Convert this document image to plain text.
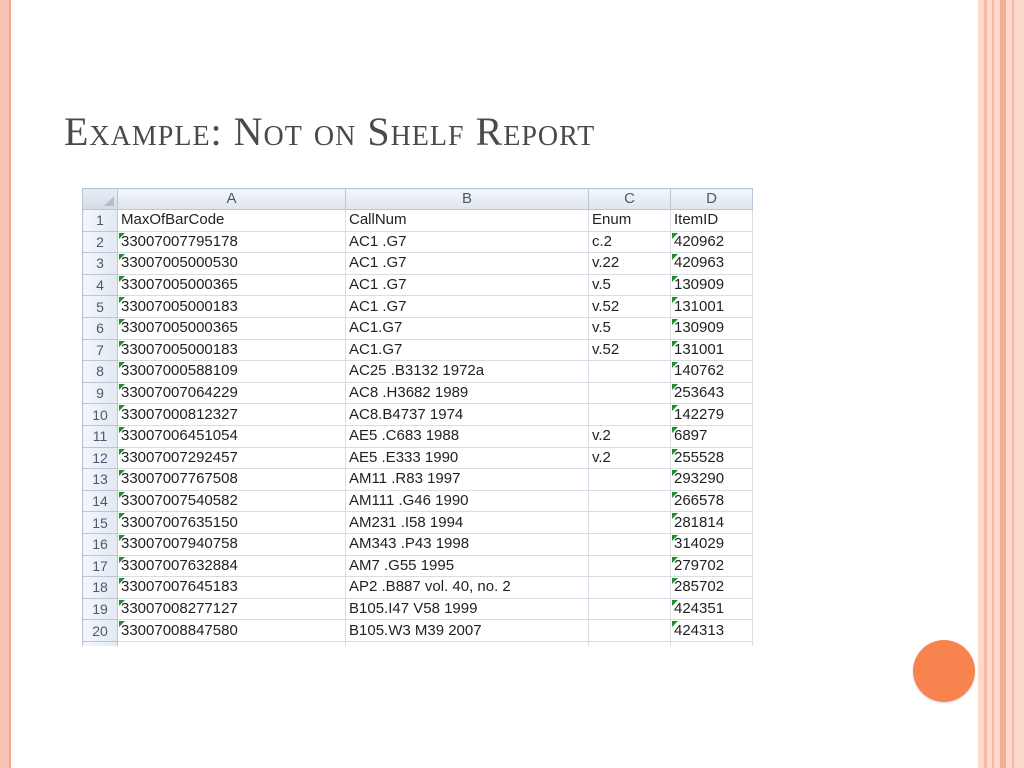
Example: Not on Shelf Report
	A	B	C	D
1	MaxOfBarCode	CallNum	Enum	ItemID
2	33007007795178	AC1 .G7	c.2	420962
3	33007005000530	AC1 .G7	v.22	420963
4	33007005000365	AC1 .G7	v.5	130909
5	33007005000183	AC1 .G7	v.52	131001
6	33007005000365	AC1.G7	v.5	130909
7	33007005000183	AC1.G7	v.52	131001
8	33007000588109	AC25 .B3132 1972a		140762
9	33007007064229	AC8 .H3682 1989		253643
10	33007000812327	AC8.B4737 1974		142279
11	33007006451054	AE5 .C683 1988	v.2	6897
12	33007007292457	AE5 .E333 1990	v.2	255528
13	33007007767508	AM11 .R83 1997		293290
14	33007007540582	AM111 .G46 1990		266578
15	33007007635150	AM231 .I58 1994		281814
16	33007007940758	AM343 .P43 1998		314029
17	33007007632884	AM7 .G55 1995		279702
18	33007007645183	AP2 .B887 vol. 40, no. 2		285702
19	33007008277127	B105.I47 V58 1999		424351
20	33007008847580	B105.W3 M39 2007		424313
